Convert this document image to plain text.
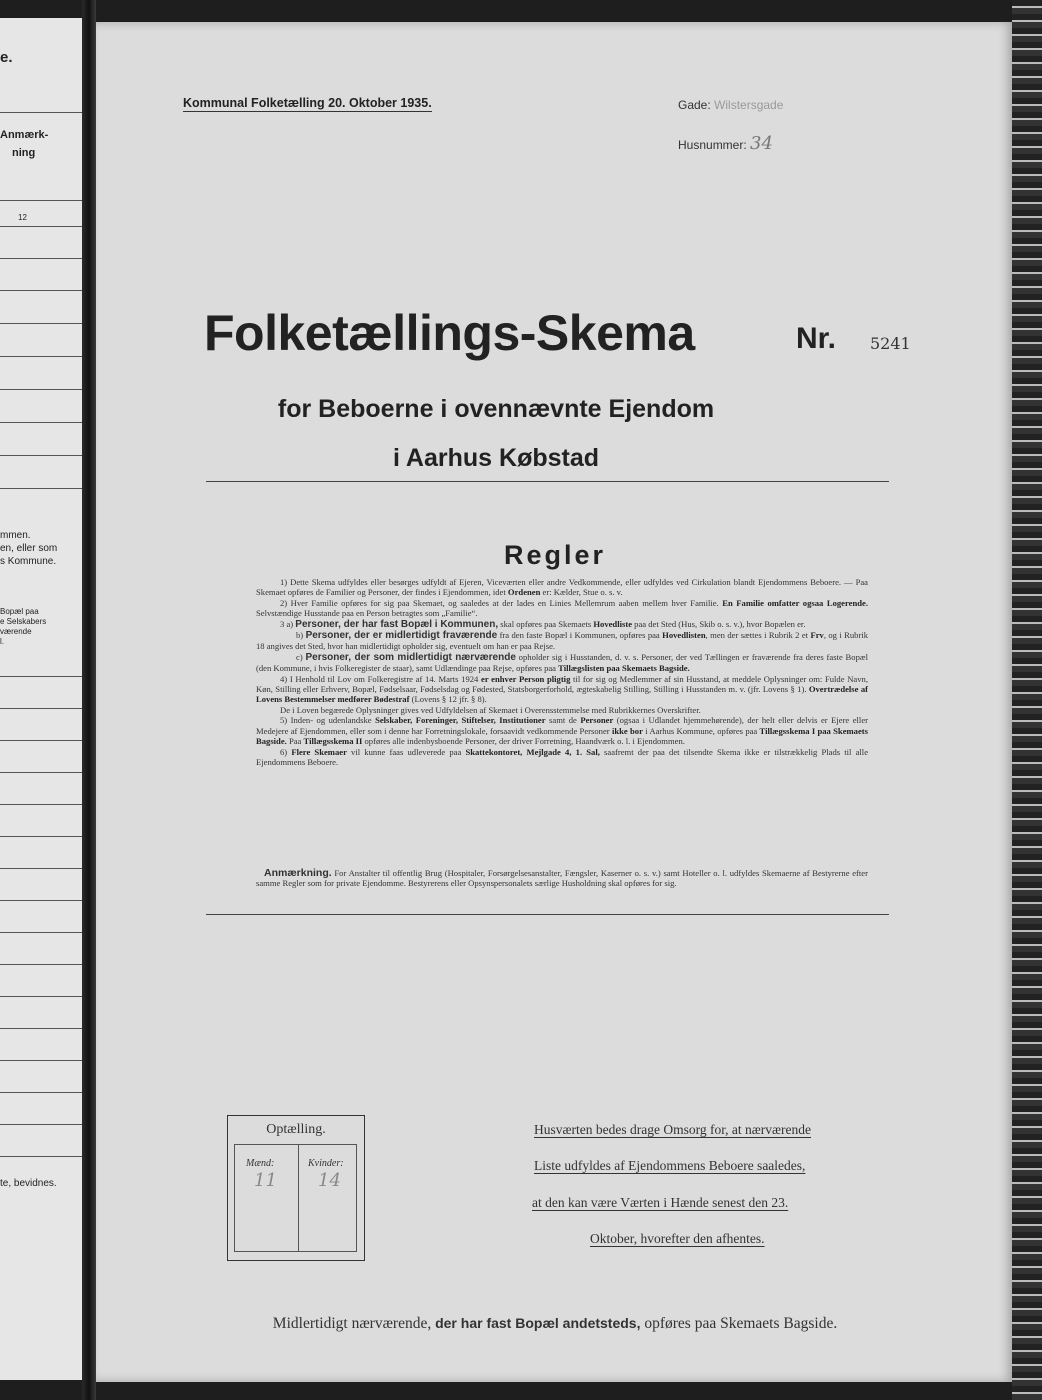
e.
Anmærk-
ning
12
mmen.
en, eller som
s Kommune.
Bopæl paa
e Selskabers
værende
l.
te, bevidnes.
Kommunal Folketælling 20. Oktober 1935.	Gade: Wilstersgade
Husnummer: 34
Folketællings-Skema	Nr. 5241
for Beboerne i ovennævnte Ejendom
i Aarhus Købstad
Regler

1) Dette Skema udfyldes eller besørges udfyldt af Ejeren, Viceværten eller andre Vedkommende, eller udfyldes ved Cirkulation blandt Ejendommens Beboere. — Paa Skemaet opføres de Familier og Personer, der findes i Ejendommen, idet Ordenen er: Kælder, Stue o. s. v.

2) Hver Familie opføres for sig paa Skemaet, og saaledes at der lades en Linies Mellemrum aaben mellem hver Familie. En Familie omfatter ogsaa Logerende. Selvstændige Husstande paa en Person betragtes som „Familie“.

3 a) Personer, der har fast Bopæl i Kommunen, skal opføres paa Skemaets Hovedliste paa det Sted (Hus, Skib o. s. v.), hvor Bopælen er.

b) Personer, der er midlertidigt fraværende fra den faste Bopæl i Kommunen, opføres paa Hovedlisten, men der sættes i Rubrik 2 et Frv, og i Rubrik 18 angives det Sted, hvor han midlertidigt opholder sig, eventuelt om han er paa Rejse.

c) Personer, der som midlertidigt nærværende opholder sig i Husstanden, d. v. s. Personer, der ved Tællingen er fraværende fra deres faste Bopæl (den Kommune, i hvis Folkeregister de staar), samt Udlændinge paa Rejse, opføres paa Tillægslisten paa Skemaets Bagside.

4) I Henhold til Lov om Folkeregistre af 14. Marts 1924 er enhver Person pligtig til for sig og Medlemmer af sin Husstand, at meddele Oplysninger om: Fulde Navn, Køn, Stilling eller Erhverv, Bopæl, Fødselsaar, Fødselsdag og Fødested, Statsborgerforhold, ægteskabelig Stilling, Stilling i Husstanden m. v. (jfr. Lovens § 1). Overtrædelse af Lovens Bestemmelser medfører Bødestraf (Lovens § 12 jfr. § 8).

De i Loven begærede Oplysninger gives ved Udfyldelsen af Skemaet i Overensstemmelse med Rubrikkernes Overskrifter.

5) Inden- og udenlandske Selskaber, Foreninger, Stiftelser, Institutioner samt de Personer (ogsaa i Udlandet hjemmehørende), der helt eller delvis er Ejere eller Medejere af Ejendommen, eller som i denne har Forretningslokale, forsaavidt vedkommende Personer ikke bor i Aarhus Kommune, opføres paa Tillægsskema I paa Skemaets Bagside. Paa Tillægsskema II opføres alle indenbysboende Personer, der driver Forretning, Haandværk o. l. i Ejendommen.

6) Flere Skemaer vil kunne faas udleverede paa Skattekontoret, Mejlgade 4, 1. Sal, saafremt der paa det tilsendte Skema ikke er tilstrækkelig Plads til alle Ejendommens Beboere.

Anmærkning. For Anstalter til offentlig Brug (Hospitaler, Forsørgelsesanstalter, Fængsler, Kaserner o. s. v.) samt Hoteller o. l. udfyldes Skemaerne af Bestyrerne efter samme Regler som for private Ejendomme. Bestyrerens eller Opsynspersonalets særlige Husholdning skal opføres for sig.
Optælling.
Mænd:	Kvinder:
11 14
Husværten bedes drage Omsorg for, at nærværende
Liste udfyldes af Ejendommens Beboere saaledes,
at den kan være Værten i Hænde senest den 23.
Oktober, hvorefter den afhentes.
Midlertidigt nærværende, der har fast Bopæl andetsteds, opføres paa Skemaets Bagside.
